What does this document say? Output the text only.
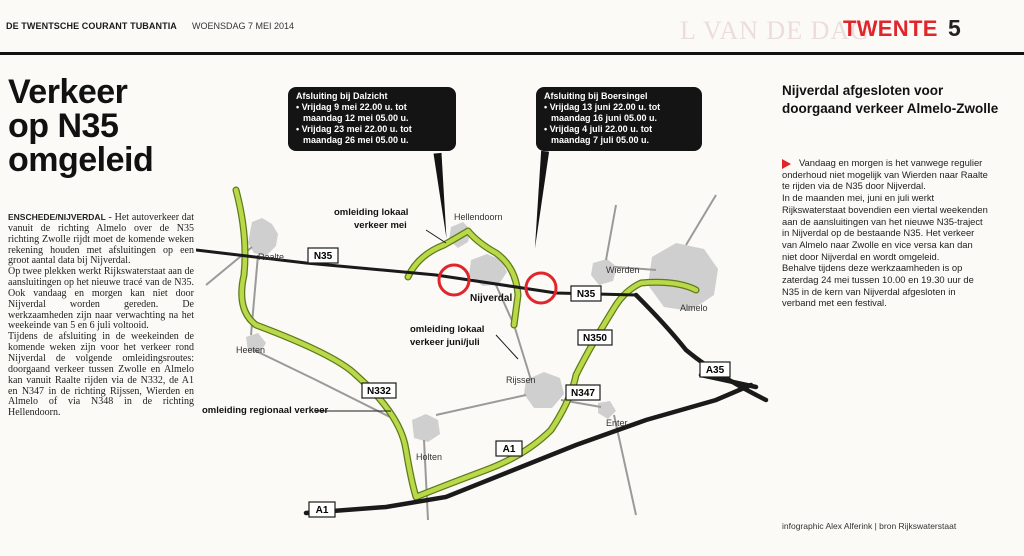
DE TWENTSCHE COURANT TUBANTIA WOENSDAG 7 MEI 2014	L VAN DE DAG
TWENTE 5
Verkeer
op N35
omgeleid

ENSCHEDE/NIJVERDAL - Het autoverkeer dat vanuit de richting Almelo over de N35 richting Zwolle rijdt moet de komende weken rekening houden met afsluitingen op een groot aantal data bij Nijverdal.

Op twee plekken werkt Rijkswaterstaat aan de aansluitingen op het nieuwe tracé van de N35. Ook vandaag en morgen kan niet door Nijverdal worden gereden. De werkzaamheden zijn naar verwachting na het weekeinde van 5 en 6 juli voltooid.

Tijdens de afsluiting in de weekeinden de komende weken zijn voor het verkeer rond Nijverdal de volgende omleidingsroutes: doorgaand verkeer tussen Zwolle en Almelo kan vanuit Raalte rijden via de N332, de A1 en N347 in de richting Rijssen, Wierden en Almelo of via N348 in de richting Hellendoorn.

N35
N35
N350
N332	N347
A1
A1
A35
Raalte
Hellendoorn
Nijverdal
Wierden
Almelo
Heeten
Rijssen
Enter
Holten
omleiding lokaal
verkeer mei
omleiding lokaal
verkeer juni/juli
omleiding regionaal verkeer
Afsluiting bij Dalzicht
• Vrijdag 9 mei 22.00 u. tot
maandag 12 mei 05.00 u.
• Vrijdag 23 mei 22.00 u. tot
maandag 26 mei 05.00 u.
Afsluiting bij Boersingel
• Vrijdag 13 juni 22.00 u. tot
maandag 16 juni 05.00 u.
• Vrijdag 4 juli 22.00 u. tot
maandag 7 juli 05.00 u.
infographic Alex Alferink | bron Rijkswaterstaat
Nijverdal afgesloten voor doorgaand verkeer Almelo-Zwolle

Vandaag en morgen is het vanwege regulier onderhoud niet mogelijk van Wierden naar Raalte te rijden via de N35 door Nijverdal.

In de maanden mei, juni en juli werkt Rijkswaterstaat bovendien een viertal weekenden aan de aansluitingen van het nieuwe N35-traject in Nijverdal op de bestaande N35. Het verkeer van Almelo naar Zwolle en vice versa kan dan niet door Nijverdal en wordt omgeleid.

Behalve tijdens deze werkzaamheden is op zaterdag 24 mei tussen 10.00 en 19.30 uur de N35 in de kern van Nijverdal afgesloten in verband met een festival.
